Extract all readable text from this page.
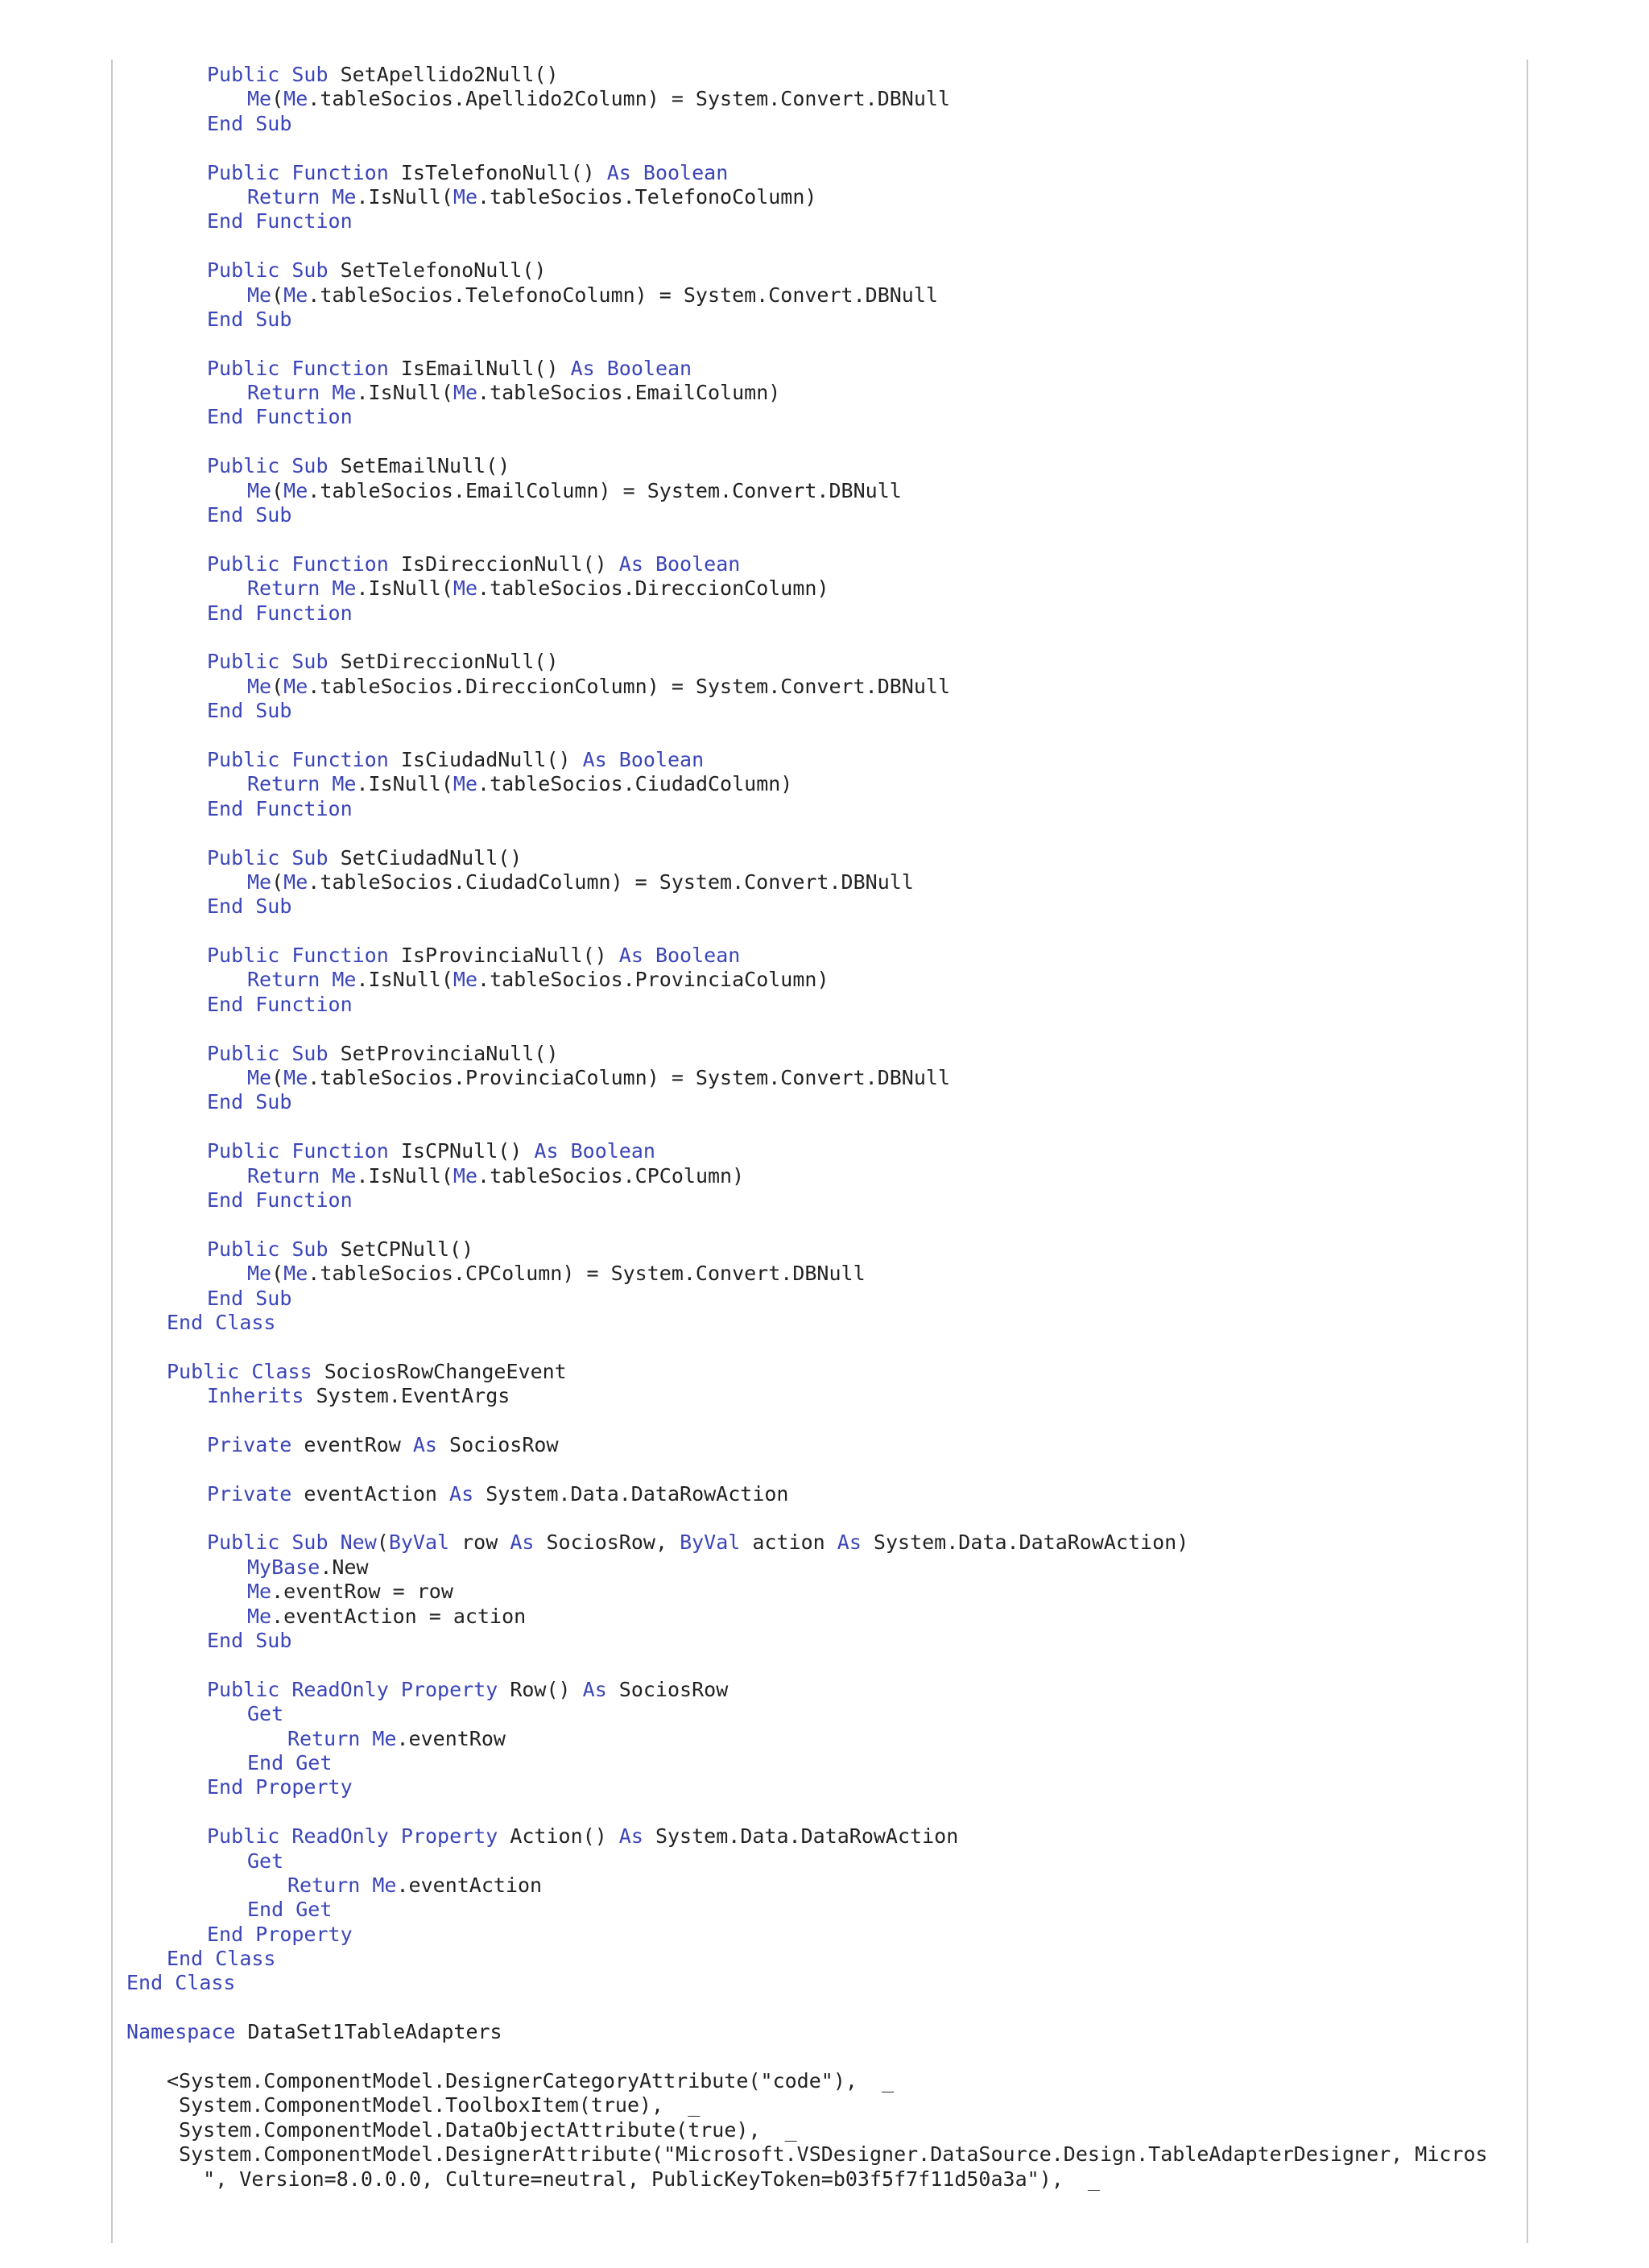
Public Sub SetApellido2Null()
Me(Me.tableSocios.Apellido2Column) = System.Convert.DBNull
End Sub
Public Function IsTelefonoNull() As Boolean
Return Me.IsNull(Me.tableSocios.TelefonoColumn)
End Function
Public Sub SetTelefonoNull()
Me(Me.tableSocios.TelefonoColumn) = System.Convert.DBNull
End Sub
Public Function IsEmailNull() As Boolean
Return Me.IsNull(Me.tableSocios.EmailColumn)
End Function
Public Sub SetEmailNull()
Me(Me.tableSocios.EmailColumn) = System.Convert.DBNull
End Sub
Public Function IsDireccionNull() As Boolean
Return Me.IsNull(Me.tableSocios.DireccionColumn)
End Function
Public Sub SetDireccionNull()
Me(Me.tableSocios.DireccionColumn) = System.Convert.DBNull
End Sub
Public Function IsCiudadNull() As Boolean
Return Me.IsNull(Me.tableSocios.CiudadColumn)
End Function
Public Sub SetCiudadNull()
Me(Me.tableSocios.CiudadColumn) = System.Convert.DBNull
End Sub
Public Function IsProvinciaNull() As Boolean
Return Me.IsNull(Me.tableSocios.ProvinciaColumn)
End Function
Public Sub SetProvinciaNull()
Me(Me.tableSocios.ProvinciaColumn) = System.Convert.DBNull
End Sub
Public Function IsCPNull() As Boolean
Return Me.IsNull(Me.tableSocios.CPColumn)
End Function
Public Sub SetCPNull()
Me(Me.tableSocios.CPColumn) = System.Convert.DBNull
End Sub
End Class
Public Class SociosRowChangeEvent
Inherits System.EventArgs
Private eventRow As SociosRow
Private eventAction As System.Data.DataRowAction
Public Sub New(ByVal row As SociosRow, ByVal action As System.Data.DataRowAction)
MyBase.New
Me.eventRow = row
Me.eventAction = action
End Sub
Public ReadOnly Property Row() As SociosRow
Get
Return Me.eventRow
End Get
End Property
Public ReadOnly Property Action() As System.Data.DataRowAction
Get
Return Me.eventAction
End Get
End Property
End Class
End Class
Namespace DataSet1TableAdapters
<System.ComponentModel.DesignerCategoryAttribute("code"),  _
System.ComponentModel.ToolboxItem(true),  _
System.ComponentModel.DataObjectAttribute(true),  _
System.ComponentModel.DesignerAttribute("Microsoft.VSDesigner.DataSource.Design.TableAdapterDesigner, Micros
", Version=8.0.0.0, Culture=neutral, PublicKeyToken=b03f5f7f11d50a3a"),  _
